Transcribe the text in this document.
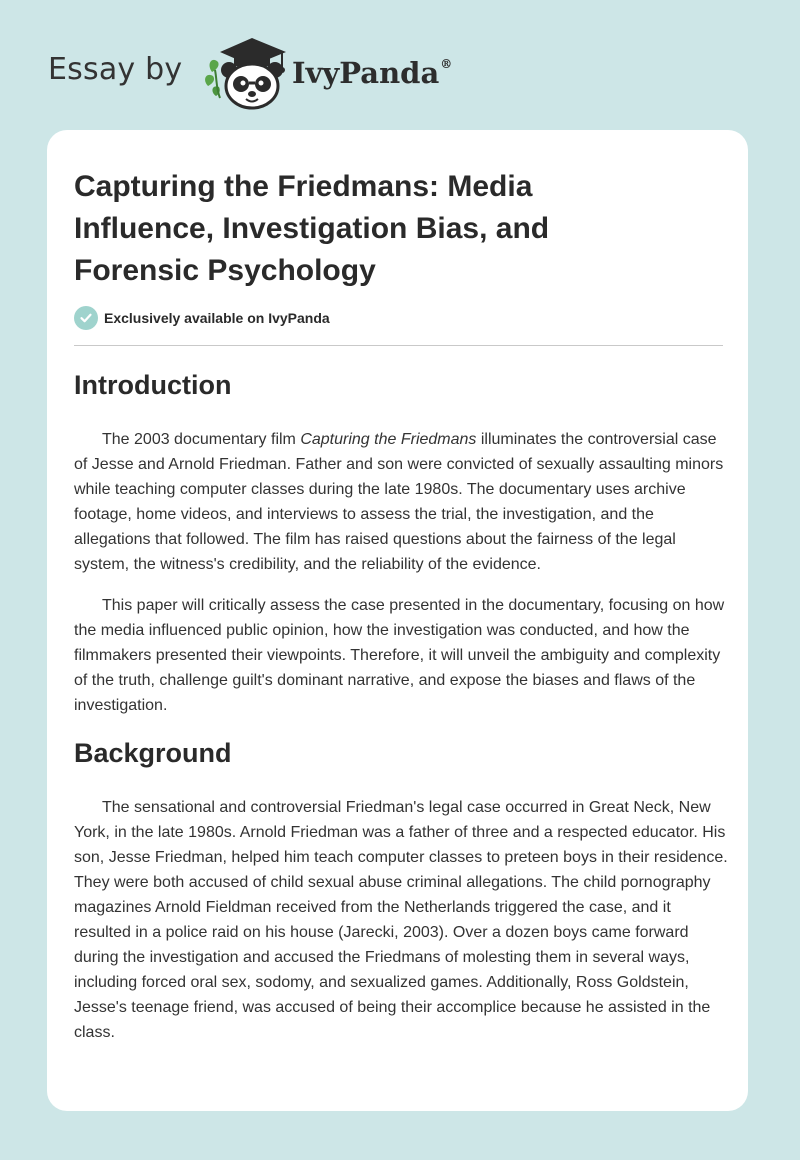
Essay by	IvyPanda®
Capturing the Friedmans: Media Influence, Investigation Bias, and Forensic Psychology
Exclusively available on IvyPanda
Introduction

The 2003 documentary film Capturing the Friedmans illuminates the controversial case of Jesse and Arnold Friedman. Father and son were convicted of sexually assaulting minors while teaching computer classes during the late 1980s. The documentary uses archive footage, home videos, and interviews to assess the trial, the investigation, and the allegations that followed. The film has raised questions about the fairness of the legal system, the witness's credibility, and the reliability of the evidence.

This paper will critically assess the case presented in the documentary, focusing on how the media influenced public opinion, how the investigation was conducted, and how the filmmakers presented their viewpoints. Therefore, it will unveil the ambiguity and complexity of the truth, challenge guilt's dominant narrative, and expose the biases and flaws of the investigation.

Background

The sensational and controversial Friedman's legal case occurred in Great Neck, New York, in the late 1980s. Arnold Friedman was a father of three and a respected educator. His son, Jesse Friedman, helped him teach computer classes to preteen boys in their residence. They were both accused of child sexual abuse criminal allegations. The child pornography magazines Arnold Fieldman received from the Netherlands triggered the case, and it resulted in a police raid on his house (Jarecki, 2003). Over a dozen boys came forward during the investigation and accused the Friedmans of molesting them in several ways, including forced oral sex, sodomy, and sexualized games. Additionally, Ross Goldstein, Jesse's teenage friend, was accused of being their accomplice because he assisted in the class.
